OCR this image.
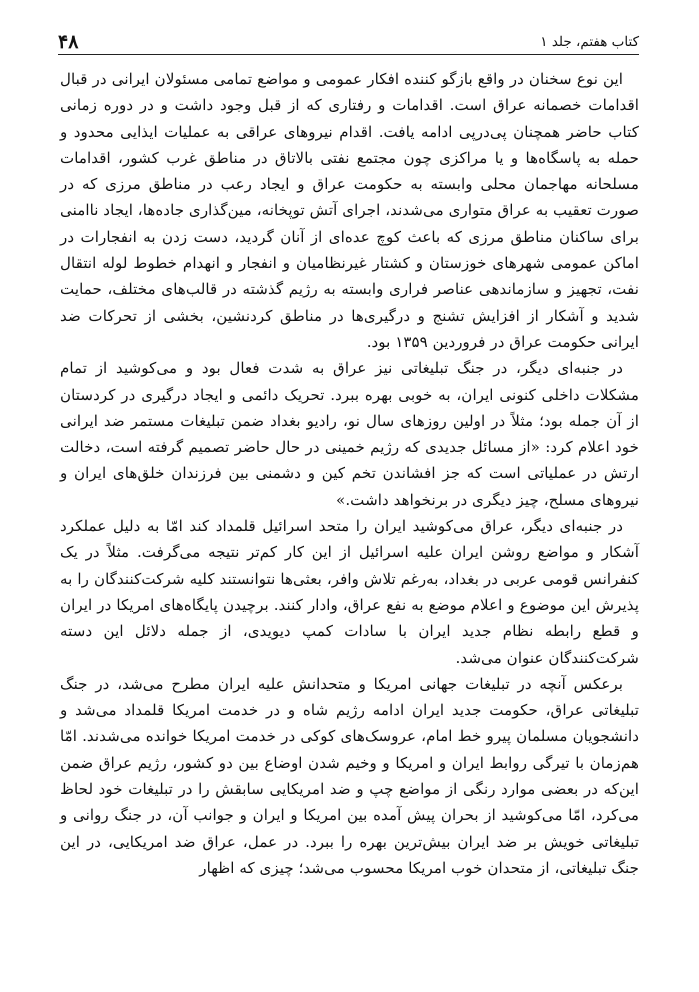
کتاب هفتم، جلد ۱
۴۸

این نوع سخنان در واقع بازگو کننده افکار عمومی و مواضع تمامی مسئولان ایرانی در قبال اقدامات خصمانه عراق است. اقدامات و رفتاری که از قبل وجود داشت و در دوره زمانی کتاب حاضر همچنان پی‌درپی ادامه یافت. اقدام نیروهای عراقی به عملیات ایذایی محدود و حمله به پاسگاه‌ها و یا مراکزی چون مجتمع نفتی بالاتاق در مناطق غرب کشور، اقدامات مسلحانه مهاجمان محلی وابسته به حکومت عراق و ایجاد رعب در مناطق مرزی که در صورت تعقیب به عراق متواری می‌شدند، اجرای آتش توپخانه، مین‌گذاری جاده‌ها، ایجاد ناامنی برای ساکنان مناطق مرزی که باعث کوچ عده‌ای از آنان گردید، دست زدن به انفجارات در اماکن عمومی شهرهای خوزستان و کشتار غیرنظامیان و انفجار و انهدام خطوط لوله انتقال نفت، تجهیز و سازماندهی عناصر فراری وابسته به رژیم گذشته در قالب‌های مختلف، حمایت شدید و آشکار از افزایش تشنج و درگیری‌ها در مناطق کردنشین، بخشی از تحرکات ضد ایرانی حکومت عراق در فروردین ۱۳۵۹ بود.

در جنبه‌ای دیگر، در جنگ تبلیغاتی نیز عراق به شدت فعال بود و می‌کوشید از تمام مشکلات داخلی کنونی ایران، به خوبی بهره ببرد. تحریک دائمی و ایجاد درگیری در کردستان از آن جمله بود؛ مثلاً در اولین روزهای سال نو، رادیو بغداد ضمن تبلیغات مستمر ضد ایرانی خود اعلام کرد: «از مسائل جدیدی که رژیم خمینی در حال حاضر تصمیم گرفته است، دخالت ارتش در عملیاتی است که جز افشاندن تخم کین و دشمنی بین فرزندان خلق‌های ایران و نیروهای مسلح، چیز دیگری در برنخواهد داشت.»

در جنبه‌ای دیگر، عراق می‌کوشید ایران را متحد اسرائیل قلمداد کند امّا به دلیل عملکرد آشکار و مواضع روشن ایران علیه اسرائیل از این کار کم‌تر نتیجه می‌گرفت. مثلاً در یک کنفرانس قومی عربی در بغداد، به‌رغم تلاش وافر، بعثی‌ها نتوانستند کلیه شرکت‌کنندگان را به پذیرش این موضوع و اعلام موضع به نفع عراق، وادار کنند. برچیدن پایگاه‌های امریکا در ایران و قطع رابطه نظام جدید ایران با سادات کمپ دیویدی، از جمله دلائل این دسته شرکت‌کنندگان عنوان می‌شد.

برعکس آنچه در تبلیغات جهانی امریکا و متحدانش علیه ایران مطرح می‌شد، در جنگ تبلیغاتی عراق، حکومت جدید ایران ادامه رژیم شاه و در خدمت امریکا قلمداد می‌شد و دانشجویان مسلمان پیرو خط امام، عروسک‌های کوکی در خدمت امریکا خوانده می‌شدند. امّا هم‌زمان با تیرگی روابط ایران و امریکا و وخیم شدن اوضاع بین دو کشور، رژیم عراق ضمن این‌که در بعضی موارد رنگی از مواضع چپ و ضد امریکایی سابقش را در تبلیغات خود لحاظ می‌کرد، امّا می‌کوشید از بحران پیش آمده بین امریکا و ایران و جوانب آن، در جنگ روانی و تبلیغاتی خویش بر ضد ایران بیش‌ترین بهره را ببرد. در عمل، عراق ضد امریکایی، در این جنگ تبلیغاتی، از متحدان خوب امریکا محسوب می‌شد؛ چیزی که اظهار
